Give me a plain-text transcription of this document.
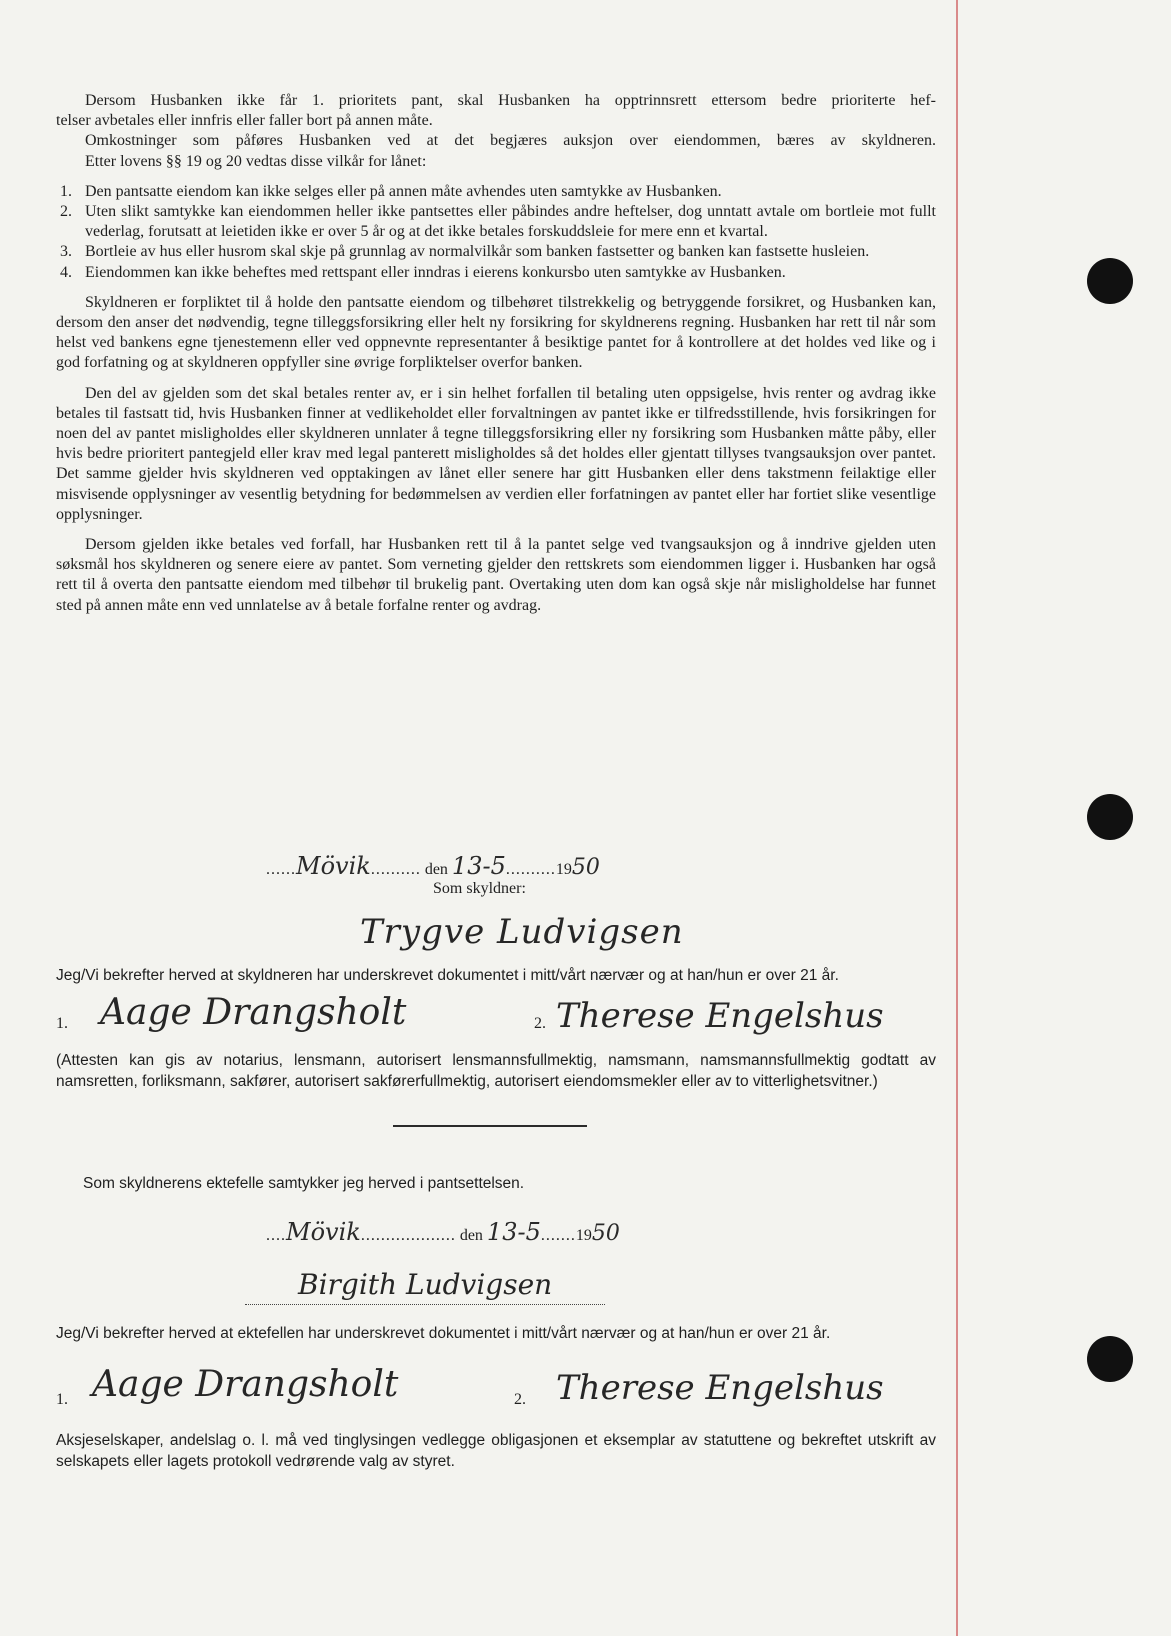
Dersom Husbanken ikke får 1. prioritets pant, skal Husbanken ha opptrinnsrett ettersom bedre prioriterte hef-

telser avbetales eller innfris eller faller bort på annen måte.

Omkostninger som påføres Husbanken ved at det begjæres auksjon over eiendommen, bæres av skyldneren.

Etter lovens §§ 19 og 20 vedtas disse vilkår for lånet:

1. Den pantsatte eiendom kan ikke selges eller på annen måte avhendes uten samtykke av Husbanken.
2. Uten slikt samtykke kan eiendommen heller ikke pantsettes eller påbindes andre heftelser, dog unntatt avtale om bortleie mot fullt vederlag, forutsatt at leietiden ikke er over 5 år og at det ikke betales forskuddsleie for mere enn et kvartal.
3. Bortleie av hus eller husrom skal skje på grunnlag av normalvilkår som banken fastsetter og banken kan fastsette husleien.
4. Eiendommen kan ikke beheftes med rettspant eller inndras i eierens konkursbo uten samtykke av Husbanken.

Skyldneren er forpliktet til å holde den pantsatte eiendom og tilbehøret tilstrekkelig og betryggende forsikret, og Husbanken kan, dersom den anser det nødvendig, tegne tilleggsforsikring eller helt ny forsikring for skyldnerens regning. Husbanken har rett til når som helst ved bankens egne tjenestemenn eller ved oppnevnte representanter å besiktige pantet for å kontrollere at det holdes ved like og i god forfatning og at skyldneren oppfyller sine øvrige forpliktelser overfor banken.

Den del av gjelden som det skal betales renter av, er i sin helhet forfallen til betaling uten oppsigelse, hvis renter og avdrag ikke betales til fastsatt tid, hvis Husbanken finner at vedlikeholdet eller forvaltningen av pantet ikke er tilfredsstillende, hvis forsikringen for noen del av pantet misligholdes eller skyldneren unnlater å tegne tilleggsforsikring eller ny forsikring som Husbanken måtte påby, eller hvis bedre prioritert pantegjeld eller krav med legal panterett misligholdes så det holdes eller gjentatt tillyses tvangsauksjon over pantet. Det samme gjelder hvis skyldneren ved opptakingen av lånet eller senere har gitt Husbanken eller dens takstmenn feilaktige eller misvisende opplysninger av vesentlig betydning for bedømmelsen av verdien eller forfatningen av pantet eller har fortiet slike vesentlige opplysninger.

Dersom gjelden ikke betales ved forfall, har Husbanken rett til å la pantet selge ved tvangsauksjon og å inndrive gjelden uten søksmål hos skyldneren og senere eiere av pantet. Som verneting gjelder den rettskrets som eiendommen ligger i. Husbanken har også rett til å overta den pantsatte eiendom med tilbehør til brukelig pant. Overtaking uten dom kan også skje når misligholdelse har funnet sted på annen måte enn ved unnlatelse av å betale forfalne renter og avdrag.

......Mövik.......... den 13-5..........1950
Som skyldner:
Trygve Ludvigsen
Jeg/Vi bekrefter herved at skyldneren har underskrevet dokumentet i mitt/vårt nærvær og at han/hun er over 21 år.
1. Aage Drangsholt	2. Therese Engelshus
(Attesten kan gis av notarius, lensmann, autorisert lensmannsfullmektig, namsmann, namsmannsfullmektig godtatt av namsretten, forliksmann, sakfører, autorisert sakførerfullmektig, autorisert eiendomsmekler eller av to vitterlighetsvitner.)
Som skyldnerens ektefelle samtykker jeg herved i pantsettelsen.
....Mövik................... den 13-5.......1950
Birgith Ludvigsen
Jeg/Vi bekrefter herved at ektefellen har underskrevet dokumentet i mitt/vårt nærvær og at han/hun er over 21 år.
1. Aage Drangsholt	2. Therese Engelshus
Aksjeselskaper, andelslag o. l. må ved tinglysingen vedlegge obligasjonen et eksemplar av statuttene og bekreftet utskrift av selskapets eller lagets protokoll vedrørende valg av styret.
